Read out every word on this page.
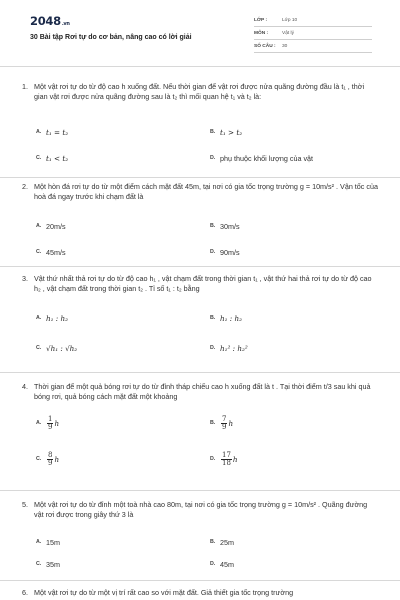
2048.vn
30 Bài tập Rơi tự do cơ bản, nâng cao có lời giải
LỚP :	Lớp 10
MÔN :	Vật lý
SỐ CÂU :	30
1. Một vật rơi tự do từ độ cao h xuống đất. Nếu thời gian để vật rơi được nửa quãng đường đầu là t₁ , thời gian vật rơi được nửa quãng đường sau là t₂ thì mối quan hệ t₁ và t₂ là:
A. t₁ = t₂	B. t₁ > t₂
C. t₁ < t₂	D. phụ thuộc khối lượng của vật
2. Một hòn đá rơi tự do từ một điểm cách mặt đất 45m, tại nơi có gia tốc trọng trường g = 10m/s² . Vận tốc của hoà đá ngay trước khi chạm đất là
A. 20m/s	B. 30m/s
C. 45m/s	D. 90m/s
3. Vật thứ nhất thả rơi tự do từ độ cao h₁ , vật chạm đất trong thời gian t₁ , vật thứ hai thả rơi tự do từ độ cao h₂ , vật chạm đất trong thời gian t₂ . Tỉ số t₁ : t₂ bằng
A. h₁ : h₂	B. h₁ : h₂
C. √h₁ : √h₂	D. h₁² : h₂²
4. Thời gian để một quả bóng rơi tự do từ đỉnh tháp chiếu cao h xuống đất là t . Tại thời điểm t/3 sau khi quả bóng rơi, quả bóng cách mặt đất một khoảng
A. $\frac{1}{9}$ h	B. $\frac{7}{9}$ h
C. $\frac{8}{9}$ h	D. $\frac{17}{18}$ h
5. Một vật rơi tự do từ đỉnh một toà nhà cao 80m, tại nơi có gia tốc trọng trường g = 10m/s² . Quãng đường vật rơi được trong giây thứ 3 là
A. 15m	B. 25m
C. 35m	D. 45m
6. Một vật rơi tự do từ một vị trí rất cao so với mặt đất. Giả thiết gia tốc trọng trường
